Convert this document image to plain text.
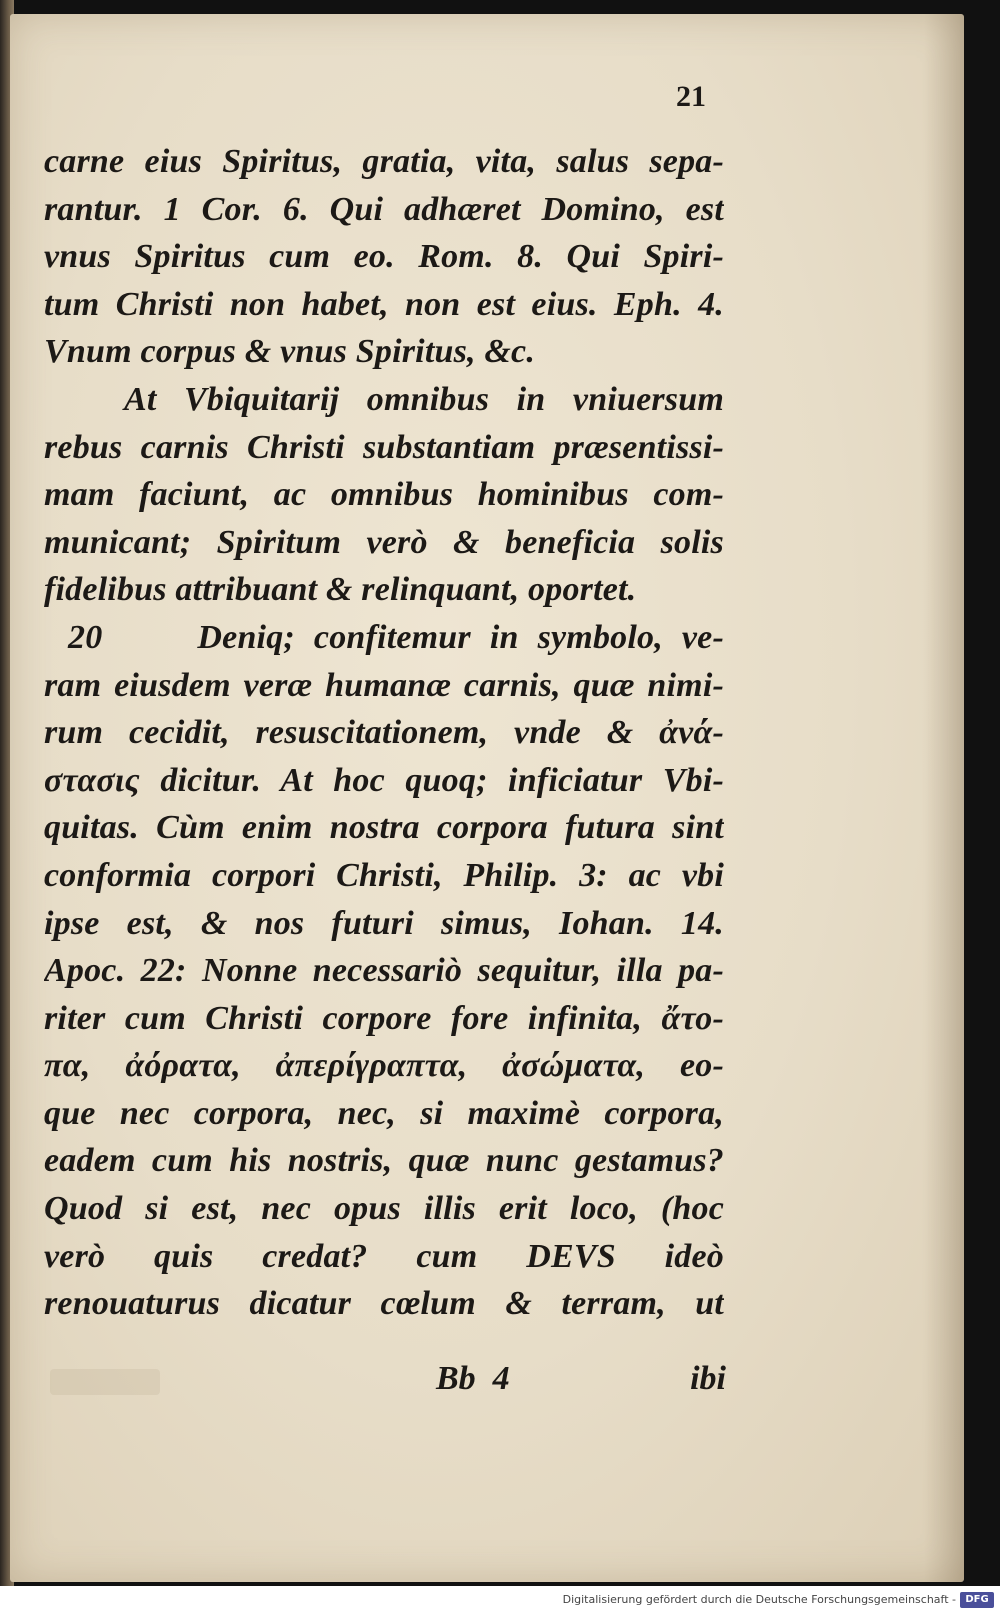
21
carne eius Spiritus, gratia, vita, salus sepa-
rantur. 1 Cor. 6. Qui adhæret Domino, est
vnus Spiritus cum eo. Rom. 8. Qui Spiri-
tum Christi non habet, non est eius. Eph. 4.
Vnum corpus & vnus Spiritus, &c.
At Vbiquitarij omnibus in vniuersum
rebus carnis Christi substantiam præsentissi-
mam faciunt, ac omnibus hominibus com-
municant; Spiritum verò & beneficia solis
fidelibus attribuant & relinquant, oportet.
20     Deniq; confitemur in symbolo, ve-
ram eiusdem veræ humanæ carnis, quæ nimi-
rum cecidit, resuscitationem, vnde & ἀνά-
στασις dicitur. At hoc quoq; inficiatur Vbi-
quitas. Cùm enim nostra corpora futura sint
conformia corpori Christi, Philip. 3: ac vbi
ipse est, & nos futuri simus, Iohan. 14.
Apoc. 22: Nonne necessariò sequitur, illa pa-
riter cum Christi corpore fore infinita, ἄτο-
πα, ἀόρατα, ἀπερίγραπτα, ἀσώματα, eo-
que nec corpora, nec, si maximè corpora,
eadem cum his nostris, quæ nunc gestamus?
Quod si est, nec opus illis erit loco, (hoc
verò quis credat? cum DEVS ideò
renouaturus dicatur cœlum & terram, ut
Bb  4	ibi
Digitalisierung gefördert durch die Deutsche Forschungsgemeinschaft - DFG
